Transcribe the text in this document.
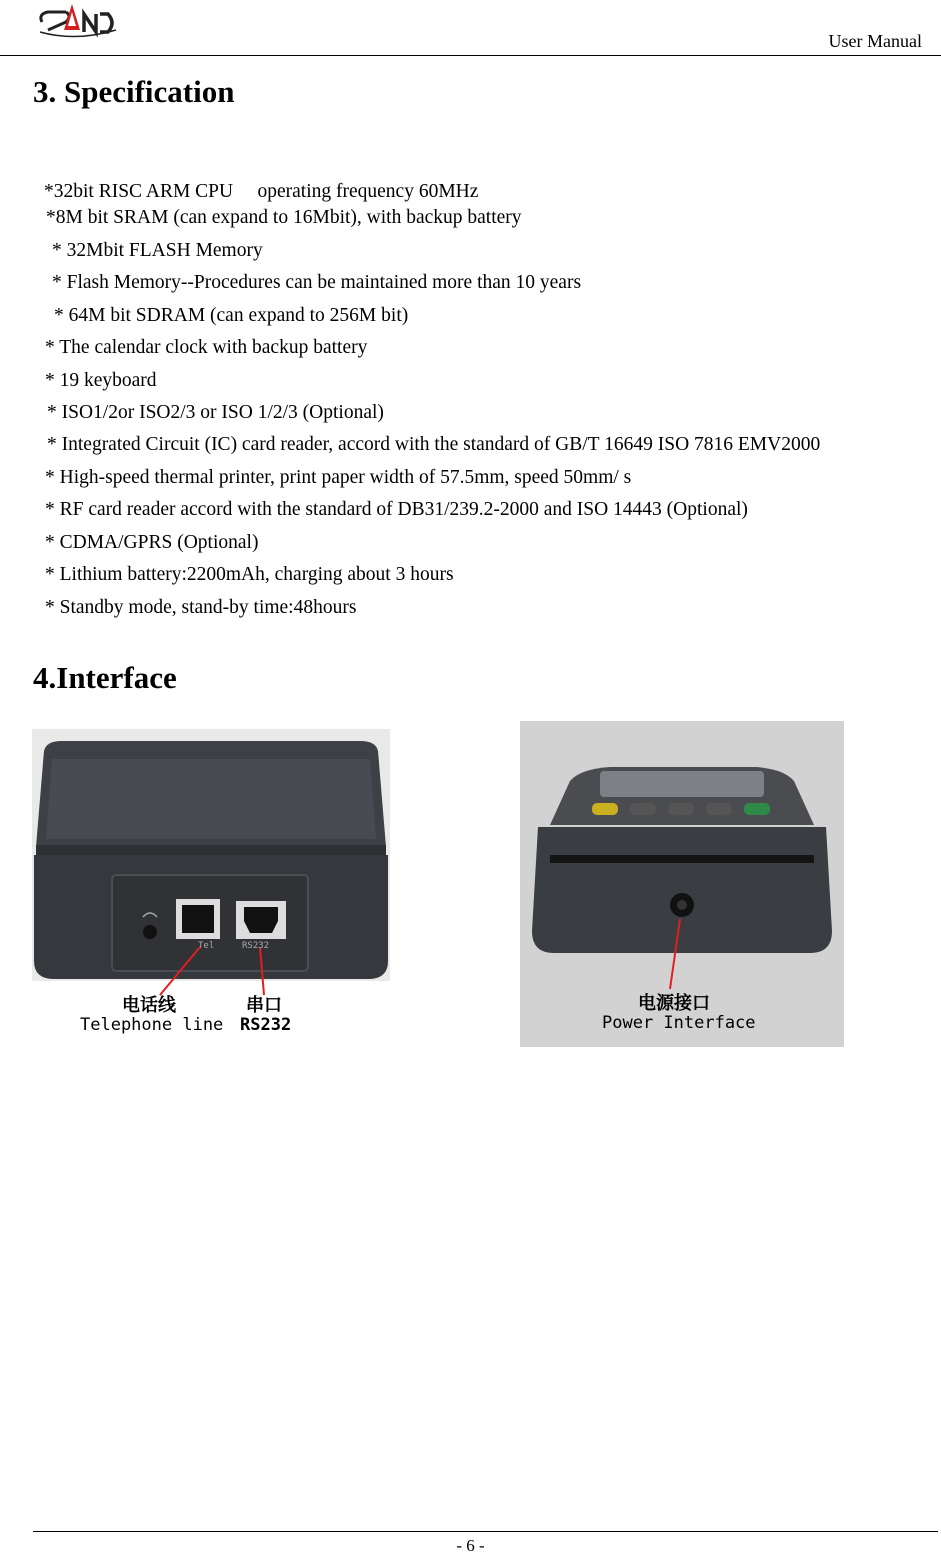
User Manual
3. Specification
*32bit RISC ARM CPU　 operating frequency 60MHz
*8M bit SRAM (can expand to 16Mbit), with backup battery
* 32Mbit FLASH Memory
* Flash Memory--Procedures can be maintained more than 10 years
* 64M bit SDRAM (can expand to 256M bit)
* The calendar clock with backup battery
* 19 keyboard
* ISO1/2or ISO2/3 or ISO 1/2/3 (Optional)
* Integrated Circuit (IC) card reader, accord with the standard of GB/T 16649 ISO 7816 EMV2000
* High-speed thermal printer, print paper width of 57.5mm, speed 50mm/ s
* RF card reader accord with the standard of DB31/239.2-2000 and ISO 14443 (Optional)
* CDMA/GPRS (Optional)
* Lithium battery:2200mAh, charging about 3 hours
* Standby mode, stand-by time:48hours
4.Interface
Tel	RS232
电话线
Telephone line
串口
RS232
电源接口
Power Interface
- 6 -
